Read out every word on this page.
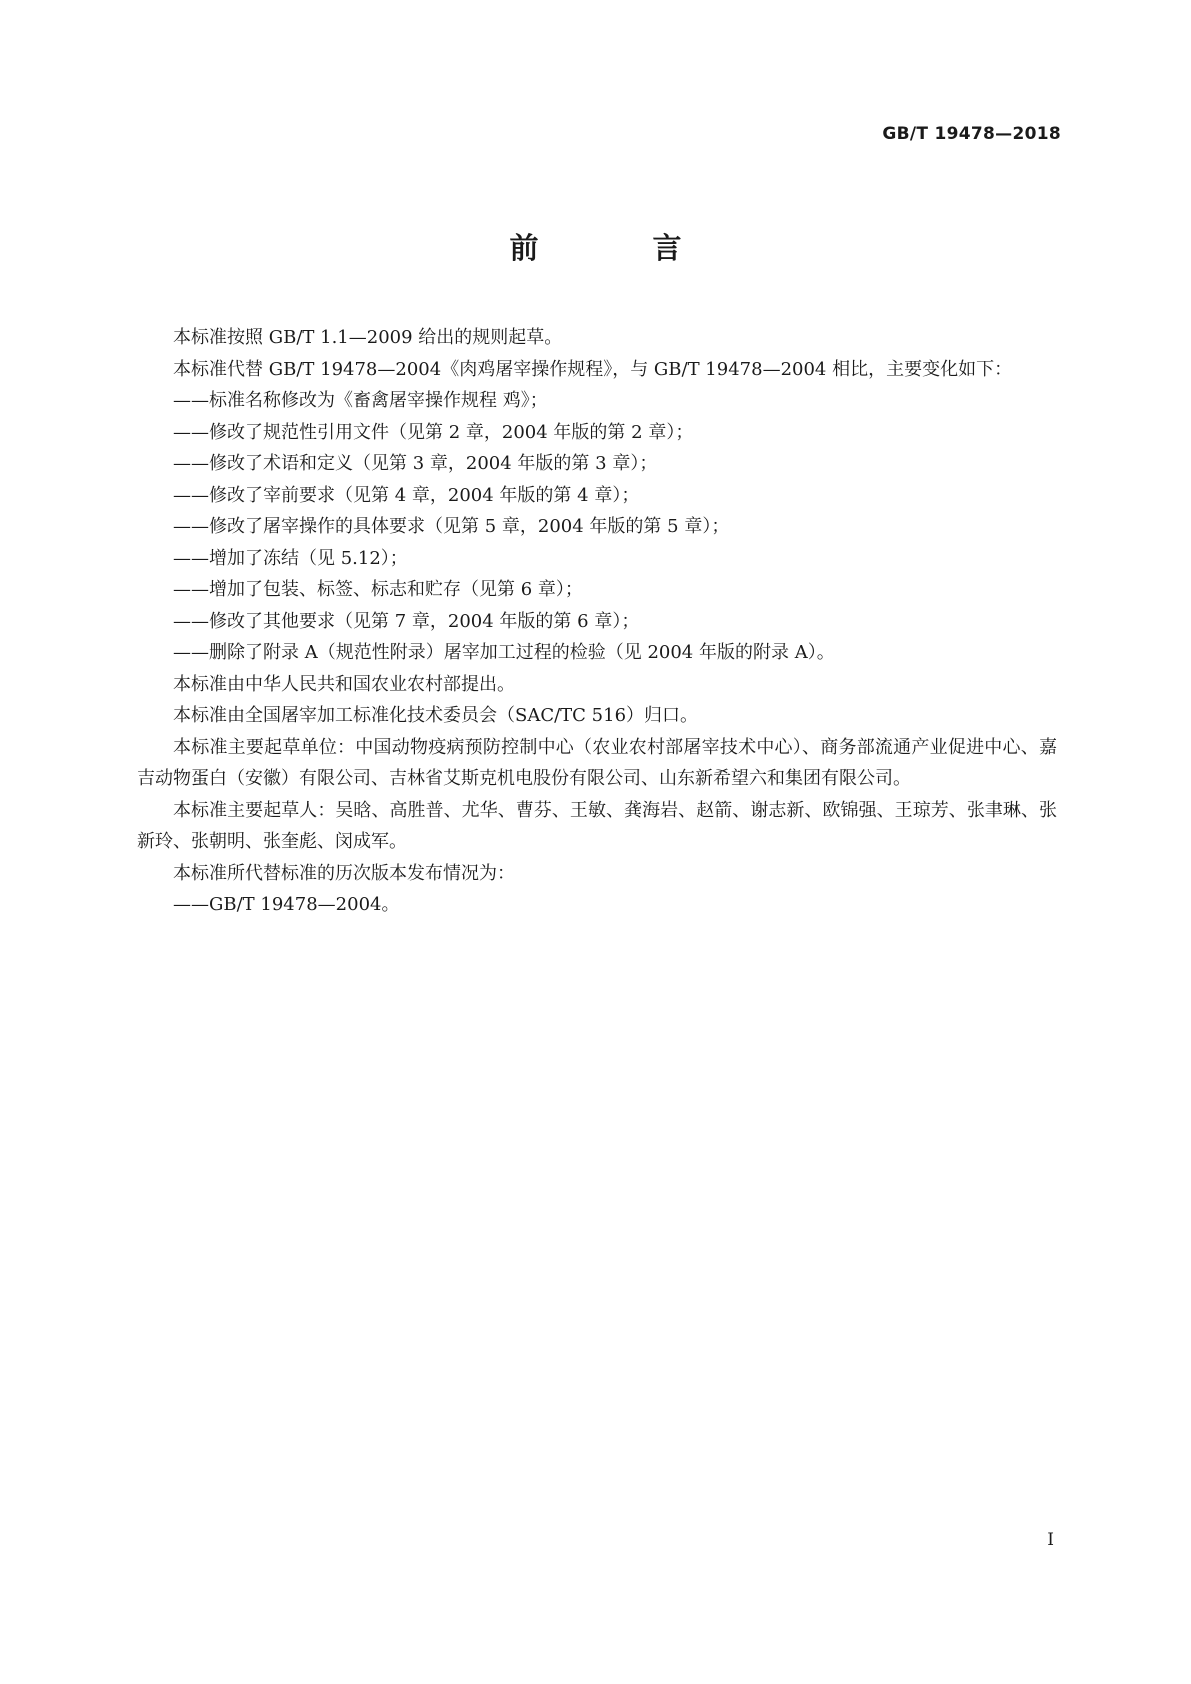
GB/T 19478—2018
前 言

本标准按照 GB/T 1.1—2009 给出的规则起草。

本标准代替 GB/T 19478—2004《肉鸡屠宰操作规程》，与 GB/T 19478—2004 相比，主要变化如下：

——标准名称修改为《畜禽屠宰操作规程 鸡》；

——修改了规范性引用文件（见第 2 章，2004 年版的第 2 章）；

——修改了术语和定义（见第 3 章，2004 年版的第 3 章）；

——修改了宰前要求（见第 4 章，2004 年版的第 4 章）；

——修改了屠宰操作的具体要求（见第 5 章，2004 年版的第 5 章）；

——增加了冻结（见 5.12）；

——增加了包装、标签、标志和贮存（见第 6 章）；

——修改了其他要求（见第 7 章，2004 年版的第 6 章）；

——删除了附录 A（规范性附录）屠宰加工过程的检验（见 2004 年版的附录 A）。

本标准由中华人民共和国农业农村部提出。

本标准由全国屠宰加工标准化技术委员会（SAC/TC 516）归口。

本标准主要起草单位：中国动物疫病预防控制中心（农业农村部屠宰技术中心）、商务部流通产业促进中心、嘉吉动物蛋白（安徽）有限公司、吉林省艾斯克机电股份有限公司、山东新希望六和集团有限公司。

本标准主要起草人：吴晗、高胜普、尤华、曹芬、王敏、龚海岩、赵箭、谢志新、欧锦强、王琼芳、张聿琳、张新玲、张朝明、张奎彪、闵成军。

本标准所代替标准的历次版本发布情况为：

——GB/T 19478—2004。

I
